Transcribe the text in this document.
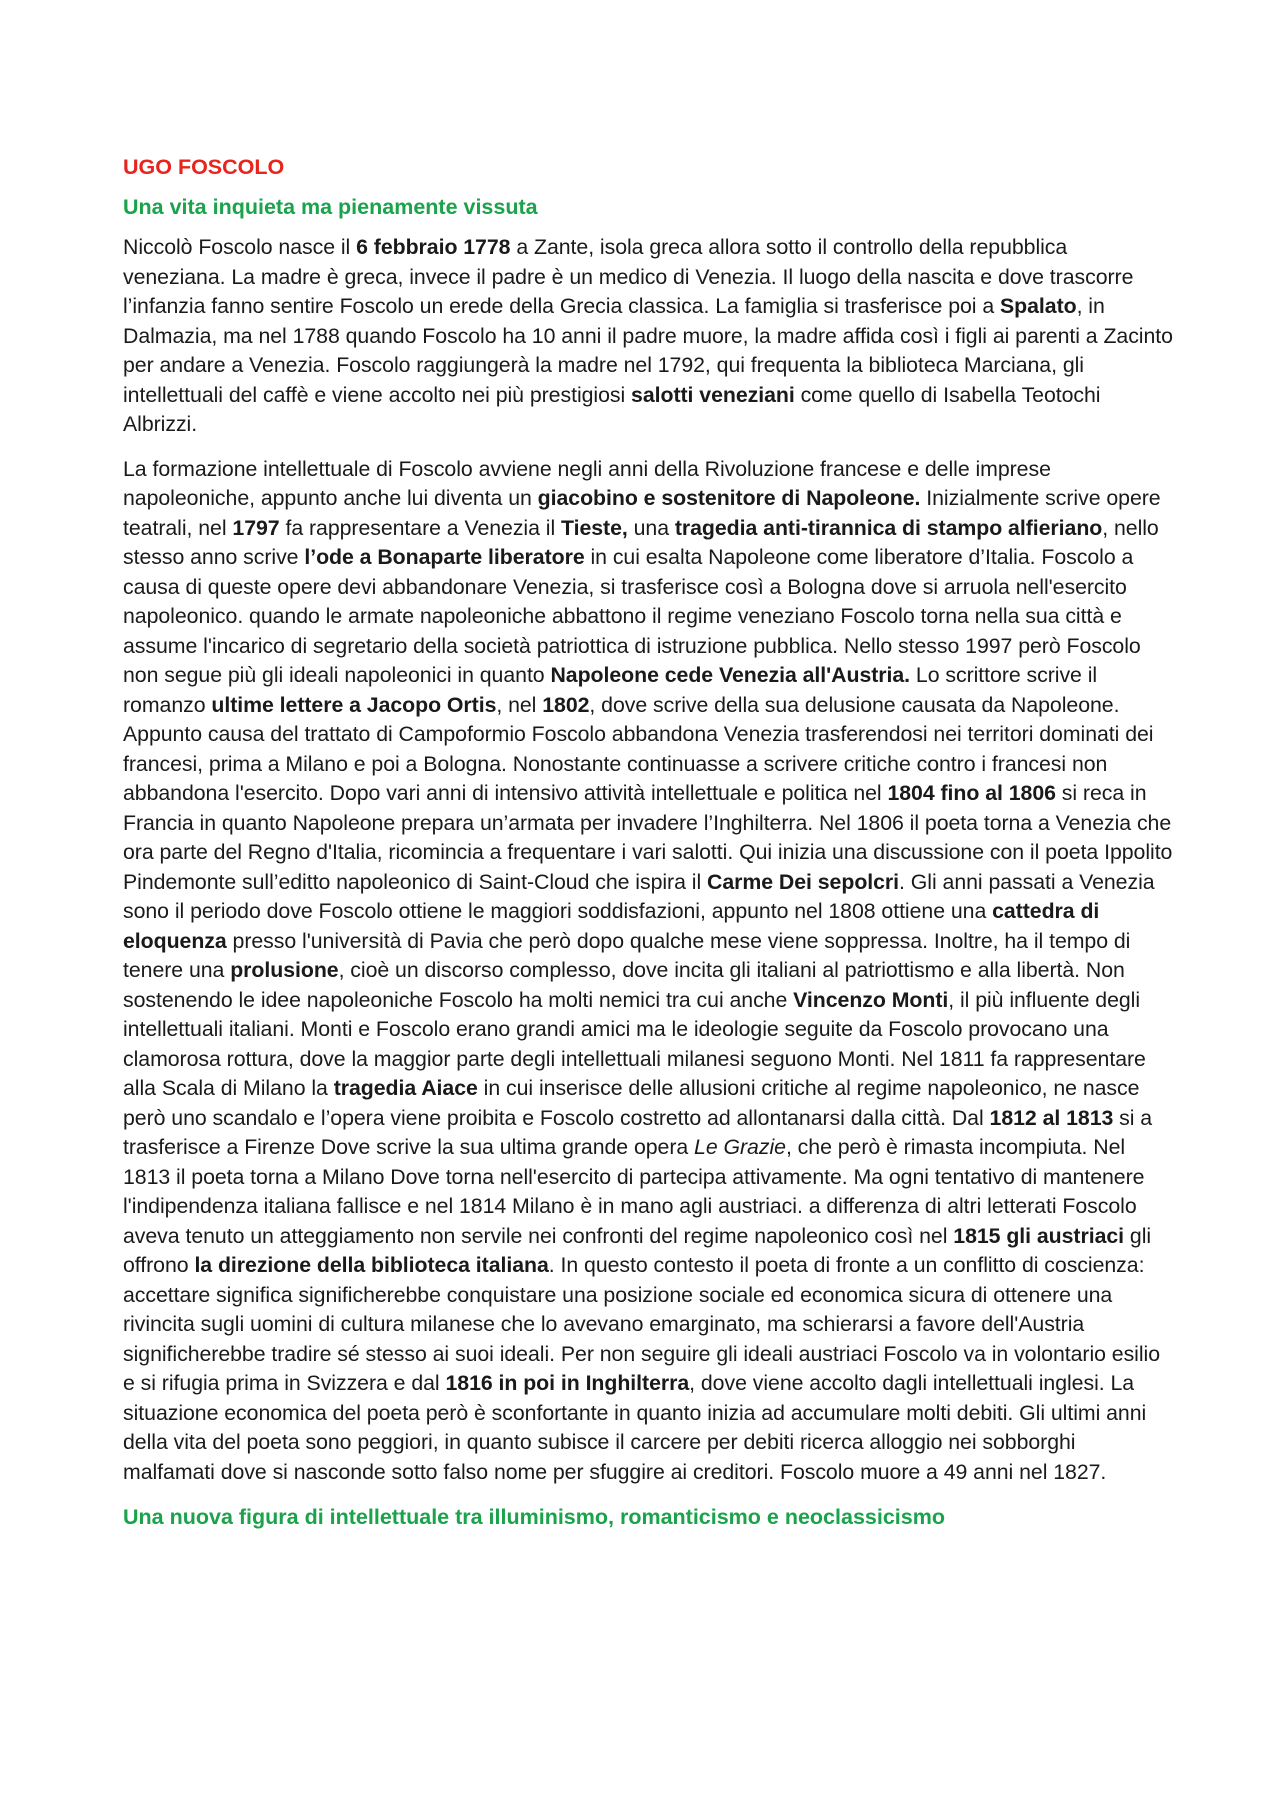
UGO FOSCOLO
Una vita inquieta ma pienamente vissuta

Niccolò Foscolo nasce il 6 febbraio 1778 a Zante, isola greca allora sotto il controllo della repubblica veneziana. La madre è greca, invece il padre è un medico di Venezia. Il luogo della nascita e dove trascorre l’infanzia fanno sentire Foscolo un erede della Grecia classica. La famiglia si trasferisce poi a Spalato, in Dalmazia, ma nel 1788 quando Foscolo ha 10 anni il padre muore, la madre affida così i figli ai parenti a Zacinto per andare a Venezia. Foscolo raggiungerà la madre nel 1792, qui frequenta la biblioteca Marciana, gli intellettuali del caffè e viene accolto nei più prestigiosi salotti veneziani come quello di Isabella Teotochi Albrizzi.

La formazione intellettuale di Foscolo avviene negli anni della Rivoluzione francese e delle imprese napoleoniche, appunto anche lui diventa un giacobino e sostenitore di Napoleone. Inizialmente scrive opere teatrali, nel 1797 fa rappresentare a Venezia il Tieste, una tragedia anti-tirannica di stampo alfieriano, nello stesso anno scrive l’ode a Bonaparte liberatore in cui esalta Napoleone come liberatore d’Italia. Foscolo a causa di queste opere devi abbandonare Venezia, si trasferisce così a Bologna dove si arruola nell'esercito napoleonico. quando le armate napoleoniche abbattono il regime veneziano Foscolo torna nella sua città e assume l'incarico di segretario della società patriottica di istruzione pubblica. Nello stesso 1997 però Foscolo non segue più gli ideali napoleonici in quanto Napoleone cede Venezia all'Austria. Lo scrittore scrive il romanzo ultime lettere a Jacopo Ortis, nel 1802, dove scrive della sua delusione causata da Napoleone. Appunto causa del trattato di Campoformio Foscolo abbandona Venezia trasferendosi nei territori dominati dei francesi, prima a Milano e poi a Bologna. Nonostante continuasse a scrivere critiche contro i francesi non abbandona l'esercito. Dopo vari anni di intensivo attività intellettuale e politica nel 1804 fino al 1806 si reca in Francia in quanto Napoleone prepara un’armata per invadere l’Inghilterra. Nel 1806 il poeta torna a Venezia che ora parte del Regno d'Italia, ricomincia a frequentare i vari salotti. Qui inizia una discussione con il poeta Ippolito Pindemonte sull’editto napoleonico di Saint-Cloud che ispira il Carme Dei sepolcri. Gli anni passati a Venezia sono il periodo dove Foscolo ottiene le maggiori soddisfazioni, appunto nel 1808 ottiene una cattedra di eloquenza presso l'università di Pavia che però dopo qualche mese viene soppressa. Inoltre, ha il tempo di tenere una prolusione, cioè un discorso complesso, dove incita gli italiani al patriottismo e alla libertà. Non sostenendo le idee napoleoniche Foscolo ha molti nemici tra cui anche Vincenzo Monti, il più influente degli intellettuali italiani. Monti e Foscolo erano grandi amici ma le ideologie seguite da Foscolo provocano una clamorosa rottura, dove la maggior parte degli intellettuali milanesi seguono Monti. Nel 1811 fa rappresentare alla Scala di Milano la tragedia Aiace in cui inserisce delle allusioni critiche al regime napoleonico, ne nasce però uno scandalo e l’opera viene proibita e Foscolo costretto ad allontanarsi dalla città. Dal 1812 al 1813 si a trasferisce a Firenze Dove scrive la sua ultima grande opera Le Grazie, che però è rimasta incompiuta. Nel 1813 il poeta torna a Milano Dove torna nell'esercito di partecipa attivamente. Ma ogni tentativo di mantenere l'indipendenza italiana fallisce e nel 1814 Milano è in mano agli austriaci. a differenza di altri letterati Foscolo aveva tenuto un atteggiamento non servile nei confronti del regime napoleonico così nel 1815 gli austriaci gli offrono la direzione della biblioteca italiana. In questo contesto il poeta di fronte a un conflitto di coscienza: accettare significa significherebbe conquistare una posizione sociale ed economica sicura di ottenere una rivincita sugli uomini di cultura milanese che lo avevano emarginato, ma schierarsi a favore dell'Austria significherebbe tradire sé stesso ai suoi ideali. Per non seguire gli ideali austriaci Foscolo va in volontario esilio e si rifugia prima in Svizzera e dal 1816 in poi in Inghilterra, dove viene accolto dagli intellettuali inglesi. La situazione economica del poeta però è sconfortante in quanto inizia ad accumulare molti debiti. Gli ultimi anni della vita del poeta sono peggiori, in quanto subisce il carcere per debiti ricerca alloggio nei sobborghi malfamati dove si nasconde sotto falso nome per sfuggire ai creditori. Foscolo muore a 49 anni nel 1827.

Una nuova figura di intellettuale tra illuminismo, romanticismo e neoclassicismo
